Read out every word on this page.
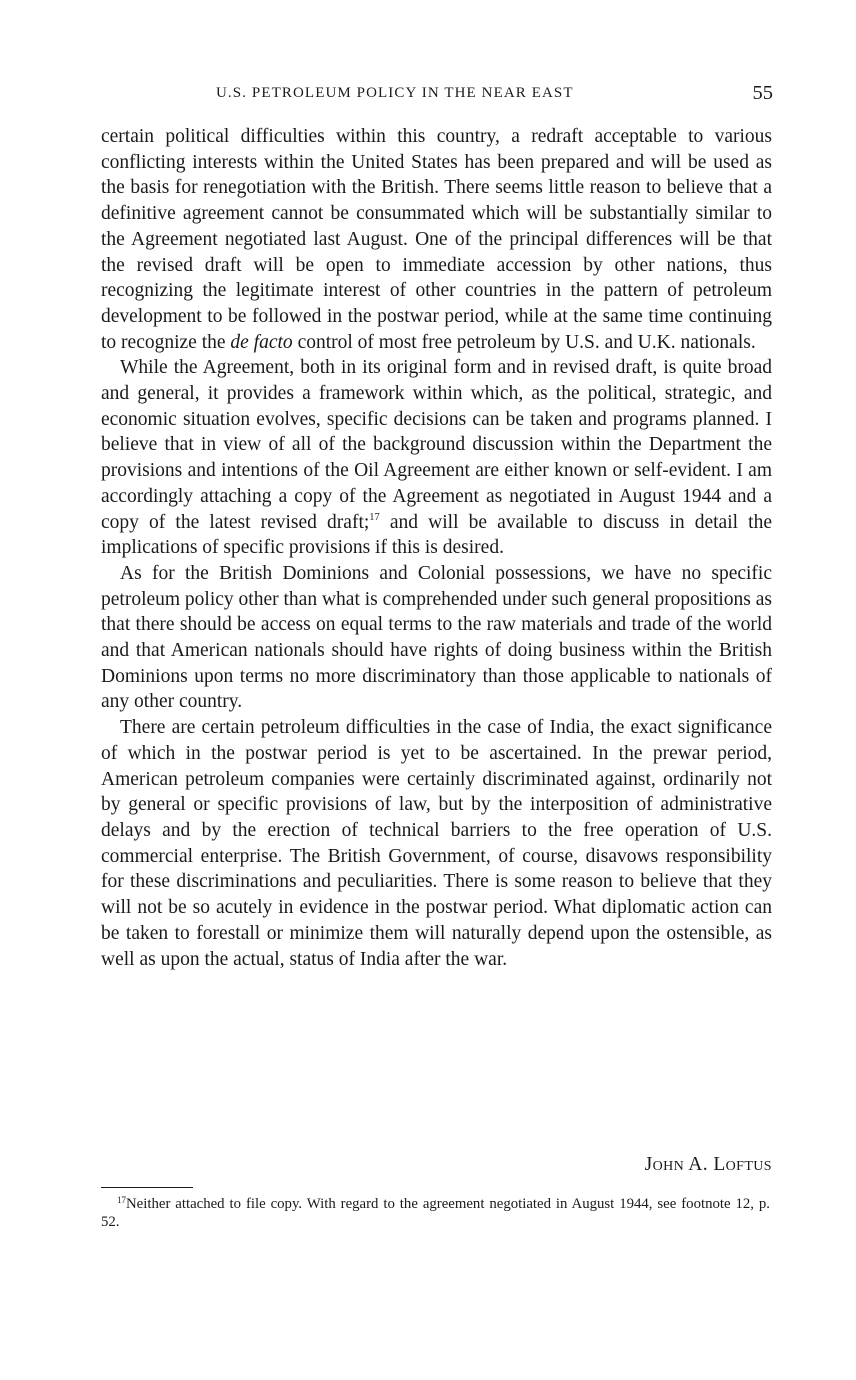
U.S. PETROLEUM POLICY IN THE NEAR EAST	55

certain political difficulties within this country, a redraft acceptable to various conflicting interests within the United States has been prepared and will be used as the basis for renegotiation with the British. There seems little reason to believe that a definitive agreement cannot be consummated which will be substantially similar to the Agreement negotiated last August. One of the principal differences will be that the revised draft will be open to immediate accession by other nations, thus recognizing the legitimate interest of other countries in the pattern of petroleum development to be followed in the postwar period, while at the same time continuing to recognize the de facto control of most free petroleum by U.S. and U.K. nationals.

While the Agreement, both in its original form and in revised draft, is quite broad and general, it provides a framework within which, as the political, strategic, and economic situation evolves, specific decisions can be taken and programs planned. I believe that in view of all of the background discussion within the Department the provisions and intentions of the Oil Agreement are either known or self-evident. I am accordingly attaching a copy of the Agreement as negotiated in August 1944 and a copy of the latest revised draft;$^{17}$ and will be available to discuss in detail the implications of specific provisions if this is desired.

As for the British Dominions and Colonial possessions, we have no specific petroleum policy other than what is comprehended under such general propositions as that there should be access on equal terms to the raw materials and trade of the world and that American nationals should have rights of doing business within the British Dominions upon terms no more discriminatory than those applicable to nationals of any other country.

There are certain petroleum difficulties in the case of India, the exact significance of which in the postwar period is yet to be ascertained. In the prewar period, American petroleum companies were certainly discriminated against, ordinarily not by general or specific provisions of law, but by the interposition of administrative delays and by the erection of technical barriers to the free operation of U.S. commercial enterprise. The British Government, of course, disavows responsibility for these discriminations and peculiarities. There is some reason to believe that they will not be so acutely in evidence in the postwar period. What diplomatic action can be taken to forestall or minimize them will naturally depend upon the ostensible, as well as upon the actual, status of India after the war.

John A. Loftus

$^{17}$Neither attached to file copy. With regard to the agreement negotiated in August 1944, see footnote 12, p. 52.
